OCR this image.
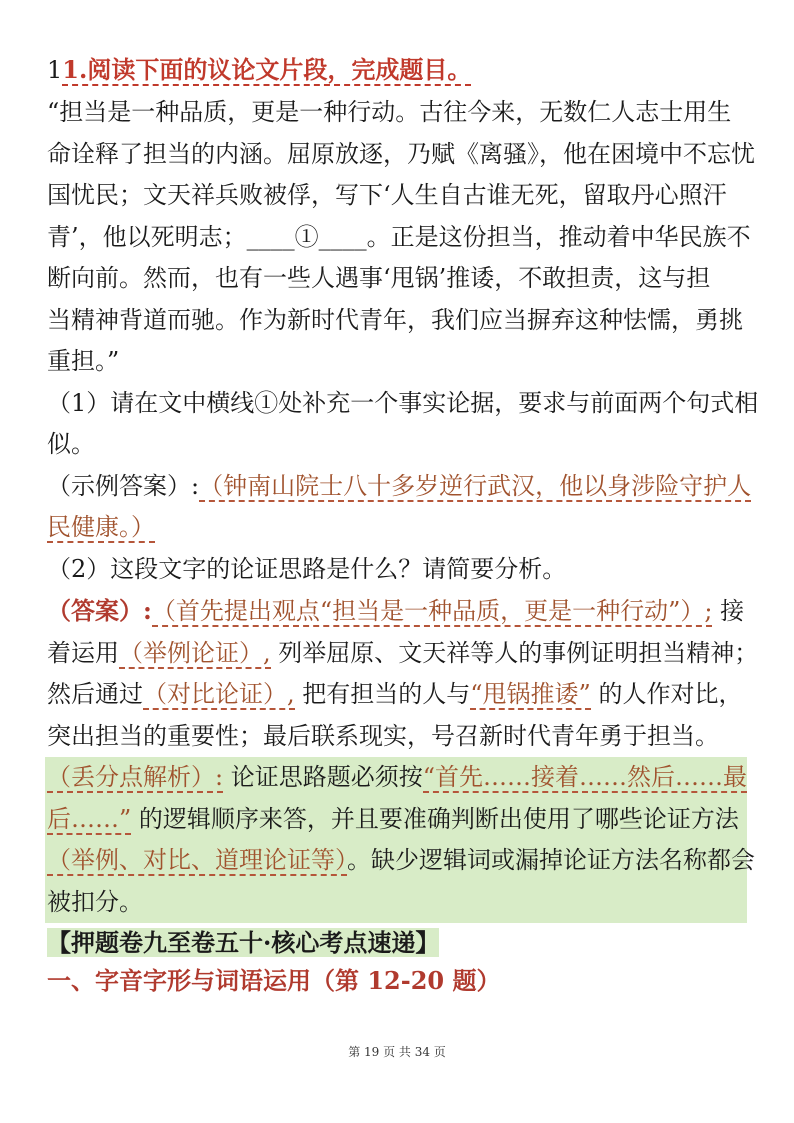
11.阅读下面的议论文片段，完成题目。

“担当是一种品质，更是一种行动。古往今来，无数仁人志士用生

命诠释了担当的内涵。屈原放逐，乃赋《离骚》，他在困境中不忘忧

国忧民；文天祥兵败被俘，写下‘人生自古谁无死，留取丹心照汗

青’，他以死明志；____①____。正是这份担当，推动着中华民族不

断向前。然而，也有一些人遇事‘甩锅’推诿，不敢担责，这与担

当精神背道而驰。作为新时代青年，我们应当摒弃这种怯懦，勇挑

重担。”

（1）请在文中横线①处补充一个事实论据，要求与前面两个句式相

似。

（示例答案）:（钟南山院士八十多岁逆行武汉，他以身涉险守护人

民健康。）

（2）这段文字的论证思路是什么？请简要分析。

（答案）:（首先提出观点“担当是一种品质，更是一种行动”）; 接

着运用（举例论证）, 列举屈原、文天祥等人的事例证明担当精神；

然后通过（对比论证）, 把有担当的人与“甩锅推诿” 的人作对比，

突出担当的重要性；最后联系现实，号召新时代青年勇于担当。

（丢分点解析）: 论证思路题必须按“首先……接着……然后……最

后……” 的逻辑顺序来答，并且要准确判断出使用了哪些论证方法

（举例、对比、道理论证等）。缺少逻辑词或漏掉论证方法名称都会

被扣分。

【押题卷九至卷五十·核心考点速递】
一、字音字形与词语运用（第 12-20 题）
第 19 页 共 34 页
